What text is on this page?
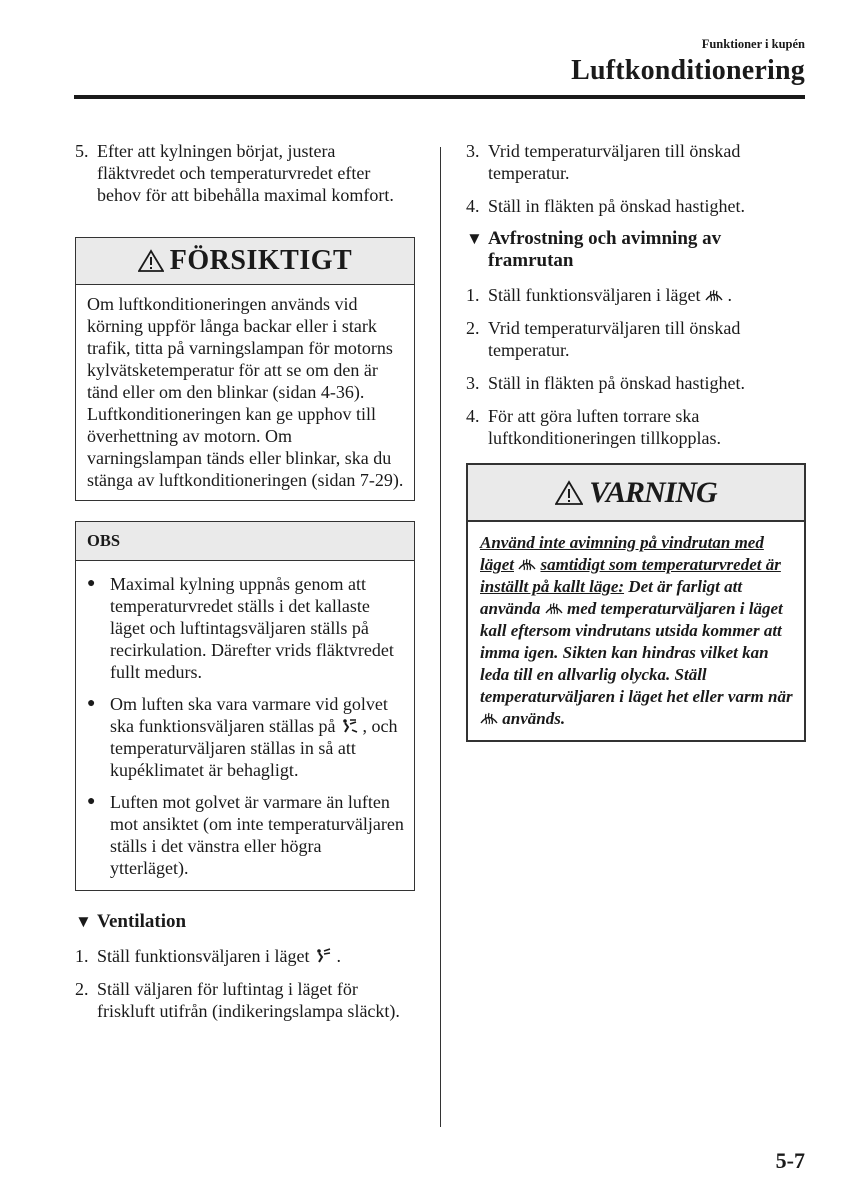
Funktioner i kupén
Luftkonditionering
5. Efter att kylningen börjat, justera fläktvredet och temperaturvredet efter behov för att bibehålla maximal komfort.
FÖRSIKTIGT

Om luftkonditioneringen används vid körning uppför långa backar eller i stark trafik, titta på varningslampan för motorns kylvätsketemperatur för att se om den är tänd eller om den blinkar (sidan 4-36).

Luftkonditioneringen kan ge upphov till överhettning av motorn. Om varningslampan tänds eller blinkar, ska du stänga av luftkonditioneringen (sidan 7-29).

OBS
● Maximal kylning uppnås genom att temperaturvredet ställs i det kallaste läget och luftintagsväljaren ställs på recirkulation. Därefter vrids fläktvredet fullt medurs.
● Om luften ska vara varmare vid golvet ska funktionsväljaren ställas på , och temperaturväljaren ställas in så att kupéklimatet är behagligt.
● Luften mot golvet är varmare än luften mot ansiktet (om inte temperaturväljaren ställs i det vänstra eller högra ytterläget).
▼ Ventilation
1. Ställ funktionsväljaren i läget .
2. Ställ väljaren för luftintag i läget för friskluft utifrån (indikeringslampa släckt).
3. Vrid temperaturväljaren till önskad temperatur.
4. Ställ in fläkten på önskad hastighet.
▼ Avfrostning och avimning av framrutan
1. Ställ funktionsväljaren i läget .
2. Vrid temperaturväljaren till önskad temperatur.
3. Ställ in fläkten på önskad hastighet.
4. För att göra luften torrare ska luftkonditioneringen tillkopplas.
VARNING
Använd inte avimning på vindrutan med läget samtidigt som temperaturvredet är inställt på kallt läge: Det är farligt att använda med temperaturväljaren i läget kall eftersom vindrutans utsida kommer att imma igen. Sikten kan hindras vilket kan leda till en allvarlig olycka. Ställ temperaturväljaren i läget het eller varm när  används.
5-7
